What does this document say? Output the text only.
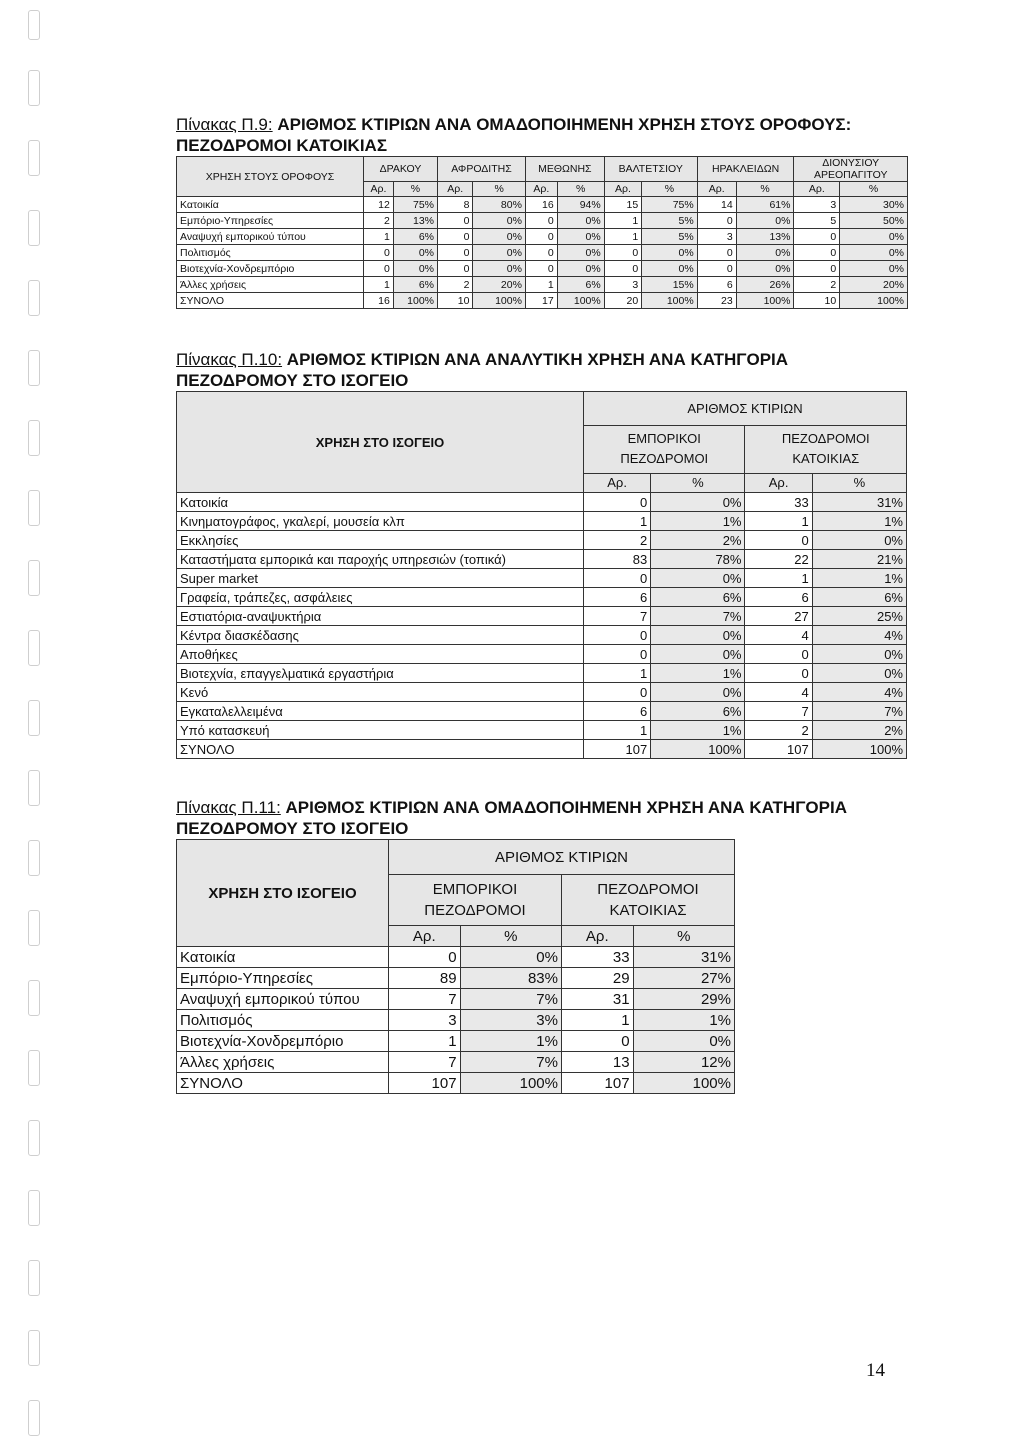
Πίνακας Π.9: ΑΡΙΘΜΟΣ ΚΤΙΡΙΩΝ ΑΝΑ ΟΜΑΔΟΠΟΙΗΜΕΝΗ ΧΡΗΣΗ ΣΤΟΥΣ ΟΡΟΦΟΥΣ:
ΠΕΖΟΔΡΟΜΟΙ ΚΑΤΟΙΚΙΑΣ
ΧΡΗΣΗ ΣΤΟΥΣ ΟΡΟΦΟΥΣ	ΔΡΑΚΟΥ		ΑΦΡΟΔΙΤΗΣ		ΜΕΘΩΝΗΣ		ΒΑΛΤΕΤΣΙΟΥ		ΗΡΑΚΛΕΙΔΩΝ		ΔΙΟΝΥΣΙΟΥ ΑΡΕΟΠΑΓΙΤΟΥ	
	Αρ.	%	Αρ.	%	Αρ.	%	Αρ.	%	Αρ.	%	Αρ.	%
Κατοικία	12	75%	8	80%	16	94%	15	75%	14	61%	3	30%
Εμπόριο-Υπηρεσίες	2	13%	0	0%	0	0%	1	5%	0	0%	5	50%
Αναψυχή εμπορικού τύπου	1	6%	0	0%	0	0%	1	5%	3	13%	0	0%
Πολιτισμός	0	0%	0	0%	0	0%	0	0%	0	0%	0	0%
Βιοτεχνία-Χονδρεμπόριο	0	0%	0	0%	0	0%	0	0%	0	0%	0	0%
Άλλες χρήσεις	1	6%	2	20%	1	6%	3	15%	6	26%	2	20%
ΣΥΝΟΛΟ	16	100%	10	100%	17	100%	20	100%	23	100%	10	100%
Πίνακας Π.10: ΑΡΙΘΜΟΣ ΚΤΙΡΙΩΝ ΑΝΑ ΑΝΑΛΥΤΙΚΗ ΧΡΗΣΗ ΑΝΑ ΚΑΤΗΓΟΡΙΑ
ΠΕΖΟΔΡΟΜΟΥ ΣΤΟ ΙΣΟΓΕΙΟ
ΧΡΗΣΗ ΣΤΟ ΙΣΟΓΕΙΟ	ΑΡΙΘΜΟΣ ΚΤΙΡΙΩΝ			
	ΕΜΠΟΡΙΚΟΙ
ΠΕΖΟΔΡΟΜΟΙ		ΠΕΖΟΔΡΟΜΟΙ
ΚΑΤΟΙΚΙΑΣ	
	Αρ.	%	Αρ.	%
Κατοικία	0	0%	33	31%
Κινηματογράφος, γκαλερί, μουσεία κλπ	1	1%	1	1%
Εκκλησίες	2	2%	0	0%
Καταστήματα εμπορικά και παροχής υπηρεσιών (τοπικά)	83	78%	22	21%
Super market	0	0%	1	1%
Γραφεία, τράπεζες, ασφάλειες	6	6%	6	6%
Εστιατόρια-αναψυκτήρια	7	7%	27	25%
Κέντρα διασκέδασης	0	0%	4	4%
Αποθήκες	0	0%	0	0%
Βιοτεχνία, επαγγελματικά εργαστήρια	1	1%	0	0%
Κενό	0	0%	4	4%
Εγκαταλελλειμένα	6	6%	7	7%
Υπό κατασκευή	1	1%	2	2%
ΣΥΝΟΛΟ	107	100%	107	100%
Πίνακας Π.11: ΑΡΙΘΜΟΣ ΚΤΙΡΙΩΝ ΑΝΑ ΟΜΑΔΟΠΟΙΗΜΕΝΗ ΧΡΗΣΗ ΑΝΑ ΚΑΤΗΓΟΡΙΑ
ΠΕΖΟΔΡΟΜΟΥ ΣΤΟ ΙΣΟΓΕΙΟ
ΧΡΗΣΗ ΣΤΟ ΙΣΟΓΕΙΟ	ΑΡΙΘΜΟΣ ΚΤΙΡΙΩΝ			
	ΕΜΠΟΡΙΚΟΙ
ΠΕΖΟΔΡΟΜΟΙ		ΠΕΖΟΔΡΟΜΟΙ
ΚΑΤΟΙΚΙΑΣ	
	Αρ.	%	Αρ.	%
Κατοικία	0	0%	33	31%
Εμπόριο-Υπηρεσίες	89	83%	29	27%
Αναψυχή εμπορικού τύπου	7	7%	31	29%
Πολιτισμός	3	3%	1	1%
Βιοτεχνία-Χονδρεμπόριο	1	1%	0	0%
Άλλες χρήσεις	7	7%	13	12%
ΣΥΝΟΛΟ	107	100%	107	100%
14
